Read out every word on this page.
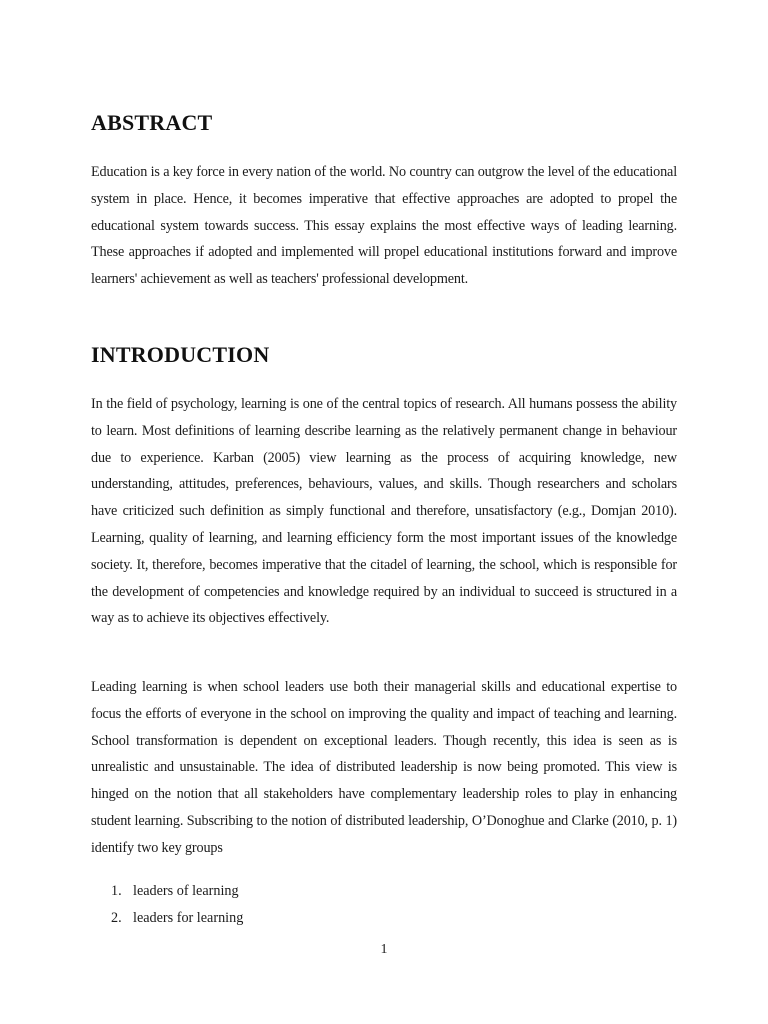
ABSTRACT

Education is a key force in every nation of the world. No country can outgrow the level of the educational system in place. Hence, it becomes imperative that effective approaches are adopted to propel the educational system towards success. This essay explains the most effective ways of leading learning. These approaches if adopted and implemented will propel educational institutions forward and improve learners' achievement as well as teachers' professional development.

INTRODUCTION

In the field of psychology, learning is one of the central topics of research. All humans possess the ability to learn. Most definitions of learning describe learning as the relatively permanent change in behaviour due to experience. Karban (2005) view learning as the process of acquiring knowledge, new understanding, attitudes, preferences, behaviours, values, and skills. Though researchers and scholars have criticized such definition as simply functional and therefore, unsatisfactory (e.g., Domjan 2010). Learning, quality of learning, and learning efficiency form the most important issues of the knowledge society. It, therefore, becomes imperative that the citadel of learning, the school, which is responsible for the development of competencies and knowledge required by an individual to succeed is structured in a way as to achieve its objectives effectively.

Leading learning is when school leaders use both their managerial skills and educational expertise to focus the efforts of everyone in the school on improving the quality and impact of teaching and learning. School transformation is dependent on exceptional leaders. Though recently, this idea is seen as is unrealistic and unsustainable. The idea of distributed leadership is now being promoted. This view is hinged on the notion that all stakeholders have complementary leadership roles to play in enhancing student learning. Subscribing to the notion of distributed leadership, O’Donoghue and Clarke (2010, p. 1) identify two key groups

1. leaders of learning
2. leaders for learning
1
